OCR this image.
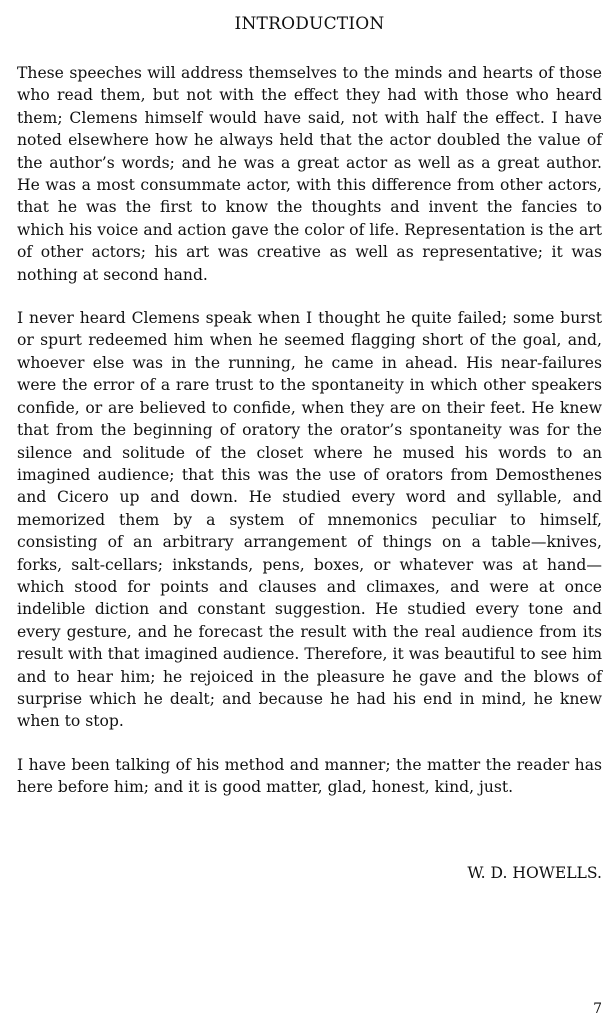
INTRODUCTION

These speeches will address themselves to the minds and hearts of those who read them, but not with the effect they had with those who heard them; Clemens himself would have said, not with half the effect. I have noted elsewhere how he always held that the actor doubled the value of the author’s words; and he was a great actor as well as a great author. He was a most consummate actor, with this difference from other actors, that he was the first to know the thoughts and invent the fancies to which his voice and action gave the color of life. Representation is the art of other actors; his art was creative as well as representative; it was nothing at second hand.

I never heard Clemens speak when I thought he quite failed; some burst or spurt redeemed him when he seemed flagging short of the goal, and, whoever else was in the running, he came in ahead. His near-failures were the error of a rare trust to the spontaneity in which other speakers confide, or are believed to confide, when they are on their feet. He knew that from the beginning of oratory the orator’s spontaneity was for the silence and solitude of the closet where he mused his words to an imagined audience; that this was the use of orators from Demosthenes and Cicero up and down. He studied every word and syllable, and memorized them by a system of mnemonics peculiar to himself, consisting of an arbitrary arrangement of things on a table—knives, forks, salt-cellars; inkstands, pens, boxes, or whatever was at hand—which stood for points and clauses and climaxes, and were at once indelible diction and constant suggestion. He studied every tone and every gesture, and he forecast the result with the real audience from its result with that imagined audience. Therefore, it was beautiful to see him and to hear him; he rejoiced in the pleasure he gave and the blows of surprise which he dealt; and because he had his end in mind, he knew when to stop.

I have been talking of his method and manner; the matter the reader has here before him; and it is good matter, glad, honest, kind, just.

W. D. HOWELLS.

7
